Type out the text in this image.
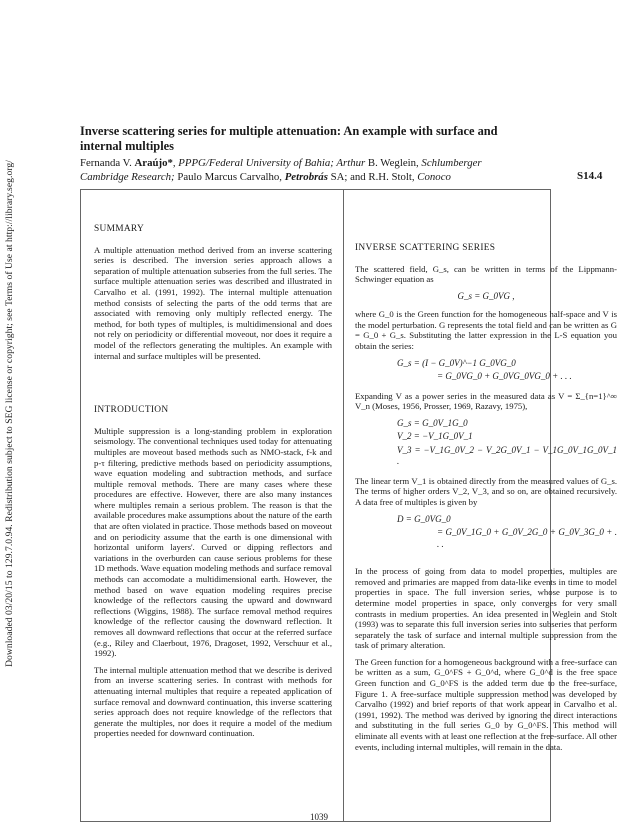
Downloaded 03/20/15 to 129.7.0.94. Redistribution subject to SEG license or copyright; see Terms of Use at http://library.seg.org/
Inverse scattering series for multiple attenuation: An example with surface and internal multiples
Fernanda V. Araújo*, PPPG/Federal University of Bahia; Arthur B. Weglein, Schlumberger
Cambridge Research; Paulo Marcus Carvalho, Petrobrás SA; and R.H. Stolt, Conoco	S14.4
SUMMARY

A multiple attenuation method derived from an inverse scattering series is described. The inversion series approach allows a separation of multiple attenuation subseries from the full series. The surface multiple attenuation series was described and illustrated in Carvalho et al. (1991, 1992). The internal multiple attenuation method consists of selecting the parts of the odd terms that are associated with removing only multiply reflected energy. The method, for both types of multiples, is multidimensional and does not rely on periodicity or differential moveout, nor does it require a model of the reflectors generating the multiples. An example with internal and surface multiples will be presented.

INTRODUCTION

Multiple suppression is a long-standing problem in exploration seismology. The conventional techniques used today for attenuating multiples are moveout based methods such as NMO-stack, f-k and p-τ filtering, predictive methods based on periodicity assumptions, wave equation modeling and subtraction methods, and surface multiple removal methods. There are many cases where these procedures are effective. However, there are also many instances where multiples remain a serious problem. The reason is that the available procedures make assumptions about the nature of the earth that are often violated in practice. Those methods based on moveout and on periodicity assume that the earth is one dimensional with horizontal uniform layers'. Curved or dipping reflectors and variations in the overburden can cause serious problems for these 1D methods. Wave equation modeling methods and surface removal methods can accomodate a multidimensional earth. However, the method based on wave equation modeling requires precise knowledge of the reflectors causing the upward and downward reflections (Wiggins, 1988). The surface removal method requires knowledge of the reflector causing the downward reflection. It removes all downward reflections that occur at the referred surface (e.g., Riley and Claerbout, 1976, Dragoset, 1992, Verschuur et al., 1992).

The internal multiple attenuation method that we describe is derived from an inverse scattering series. In contrast with methods for attenuating internal multiples that require a repeated application of surface removal and downward continuation, this inverse scattering series approach does not require knowledge of the reflectors that generate the multiples, nor does it require a model of the medium properties needed for downward continuation.

INVERSE SCATTERING SERIES

The scattered field, G_s, can be written in terms of the Lippmann-Schwinger equation as

G_s = G_0VG ,

where G_0 is the Green function for the homogeneous half-space and V is the model perturbation. G represents the total field and can be written as G = G_0 + G_s. Substituting the latter expression in the L-S equation you obtain the series:

G_s = (I − G_0V)^−1 G_0VG_0
= G_0VG_0 + G_0VG_0VG_0 + . . .

Expanding V as a power series in the measured data as V = Σ_{n=1}^∞ V_n (Moses, 1956, Prosser, 1969, Razavy, 1975),

G_s = G_0V_1G_0
V_2 = −V_1G_0V_1
V_3 = −V_1G_0V_2 − V_2G_0V_1 − V_1G_0V_1G_0V_1 .

The linear term V_1 is obtained directly from the measured values of G_s. The terms of higher orders V_2, V_3, and so on, are obtained recursively. A data free of multiples is given by

D = G_0VG_0
= G_0V_1G_0 + G_0V_2G_0 + G_0V_3G_0 + . . .

In the process of going from data to model properties, multiples are removed and primaries are mapped from data-like events in time to model properties in space. The full inversion series, whose purpose is to determine model properties in space, only converges for very small contrasts in medium properties. An idea presented in Weglein and Stolt (1993) was to separate this full inversion series into subseries that perform separately the task of surface and internal multiple suppression from the task of primary alteration.

The Green function for a homogeneous background with a free-surface can be written as a sum, G_0^FS + G_0^d, where G_0^d is the free space Green function and G_0^FS is the added term due to the free-surface, Figure 1. A free-surface multiple suppression method was developed by Carvalho (1992) and brief reports of that work appear in Carvalho et al. (1991, 1992). The method was derived by ignoring the direct interactions and substituting in the full series G_0 by G_0^FS. This method will eliminate all events with at least one reflection at the free-surface. All other events, including internal multiples, will remain in the data.

1039
